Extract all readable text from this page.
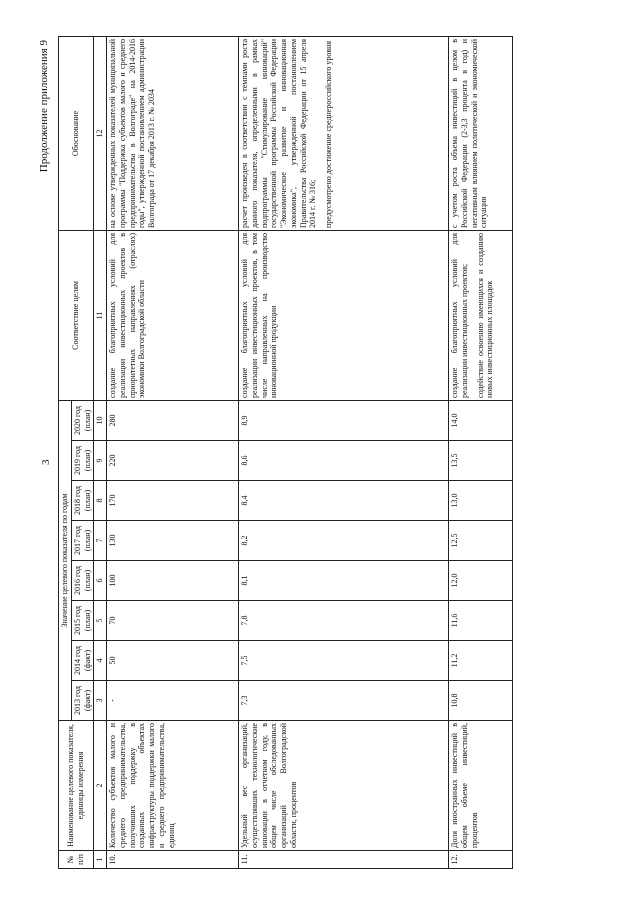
3
Продолжение приложения 9
№ п/п	Наименование целевого показателя, единицы измерения	Значение целевого показателя по годам								Соответствие целям	Обоснование
		2013 год (факт)	2014 год (факт)	2015 год (план)	2016 год (план)	2017 год (план)	2018 год (план)	2019 год (план)	2020 год (план)		
1	2	3	4	5	6	7	8	9	10	11	12
10.	Количество субъектов малого и среднего предпринимательства, получивших поддержку в созданных объектах инфраструктуры поддержки малого и среднего предпринимательства, единиц	-	50	70	100	130	170	220	280	создание благоприятных условий для реализации инвестиционных проектов в приоритетных направлениях (отраслях) экономики Волгоградской области	на основе утвержденных показателей муниципальной программы "Поддержка субъектов малого и среднего предпринимательства в Волгограде" на 2014-2016 годы", утвержденной постановлением администрации Волгограда от 17 декабря 2013 г. № 2034
11.	Удельный вес организаций, осуществлявших технологические инновации в отчетном году, в общем числе обследованных организаций Волгоградской области, процентов	7,3	7,5	7,8	8,1	8,2	8,4	8,6	8,9	создание благоприятных условий для реализации инвестиционных проектов, в том числе направленных на производство инновационной продукции	расчет произведен в соответствии с темпами роста данного показателя, определенными в рамках подпрограммы "Стимулирование инноваций" государственной программы Российской Федерации "Экономическое развитие и инновационная экономика", утвержденной постановлением Правительства Российской Федерации от 15 апреля 2014 г. № 316; предусмотрено достижение среднероссийского уровня
12.	Доля иностранных инвестиций в общем объеме инвестиций, процентов	10,8	11,2	11,6	12,0	12,5	13,0	13,5	14,0	создание благоприятных условий для реализации инвестиционных проектов; содействие освоению имеющихся и созданию новых инвестиционных площадок	с учетом роста объема инвестиций в целом в Российской Федерации (2-3,3 процента в год) и негативным влиянием политической и экономической ситуации
